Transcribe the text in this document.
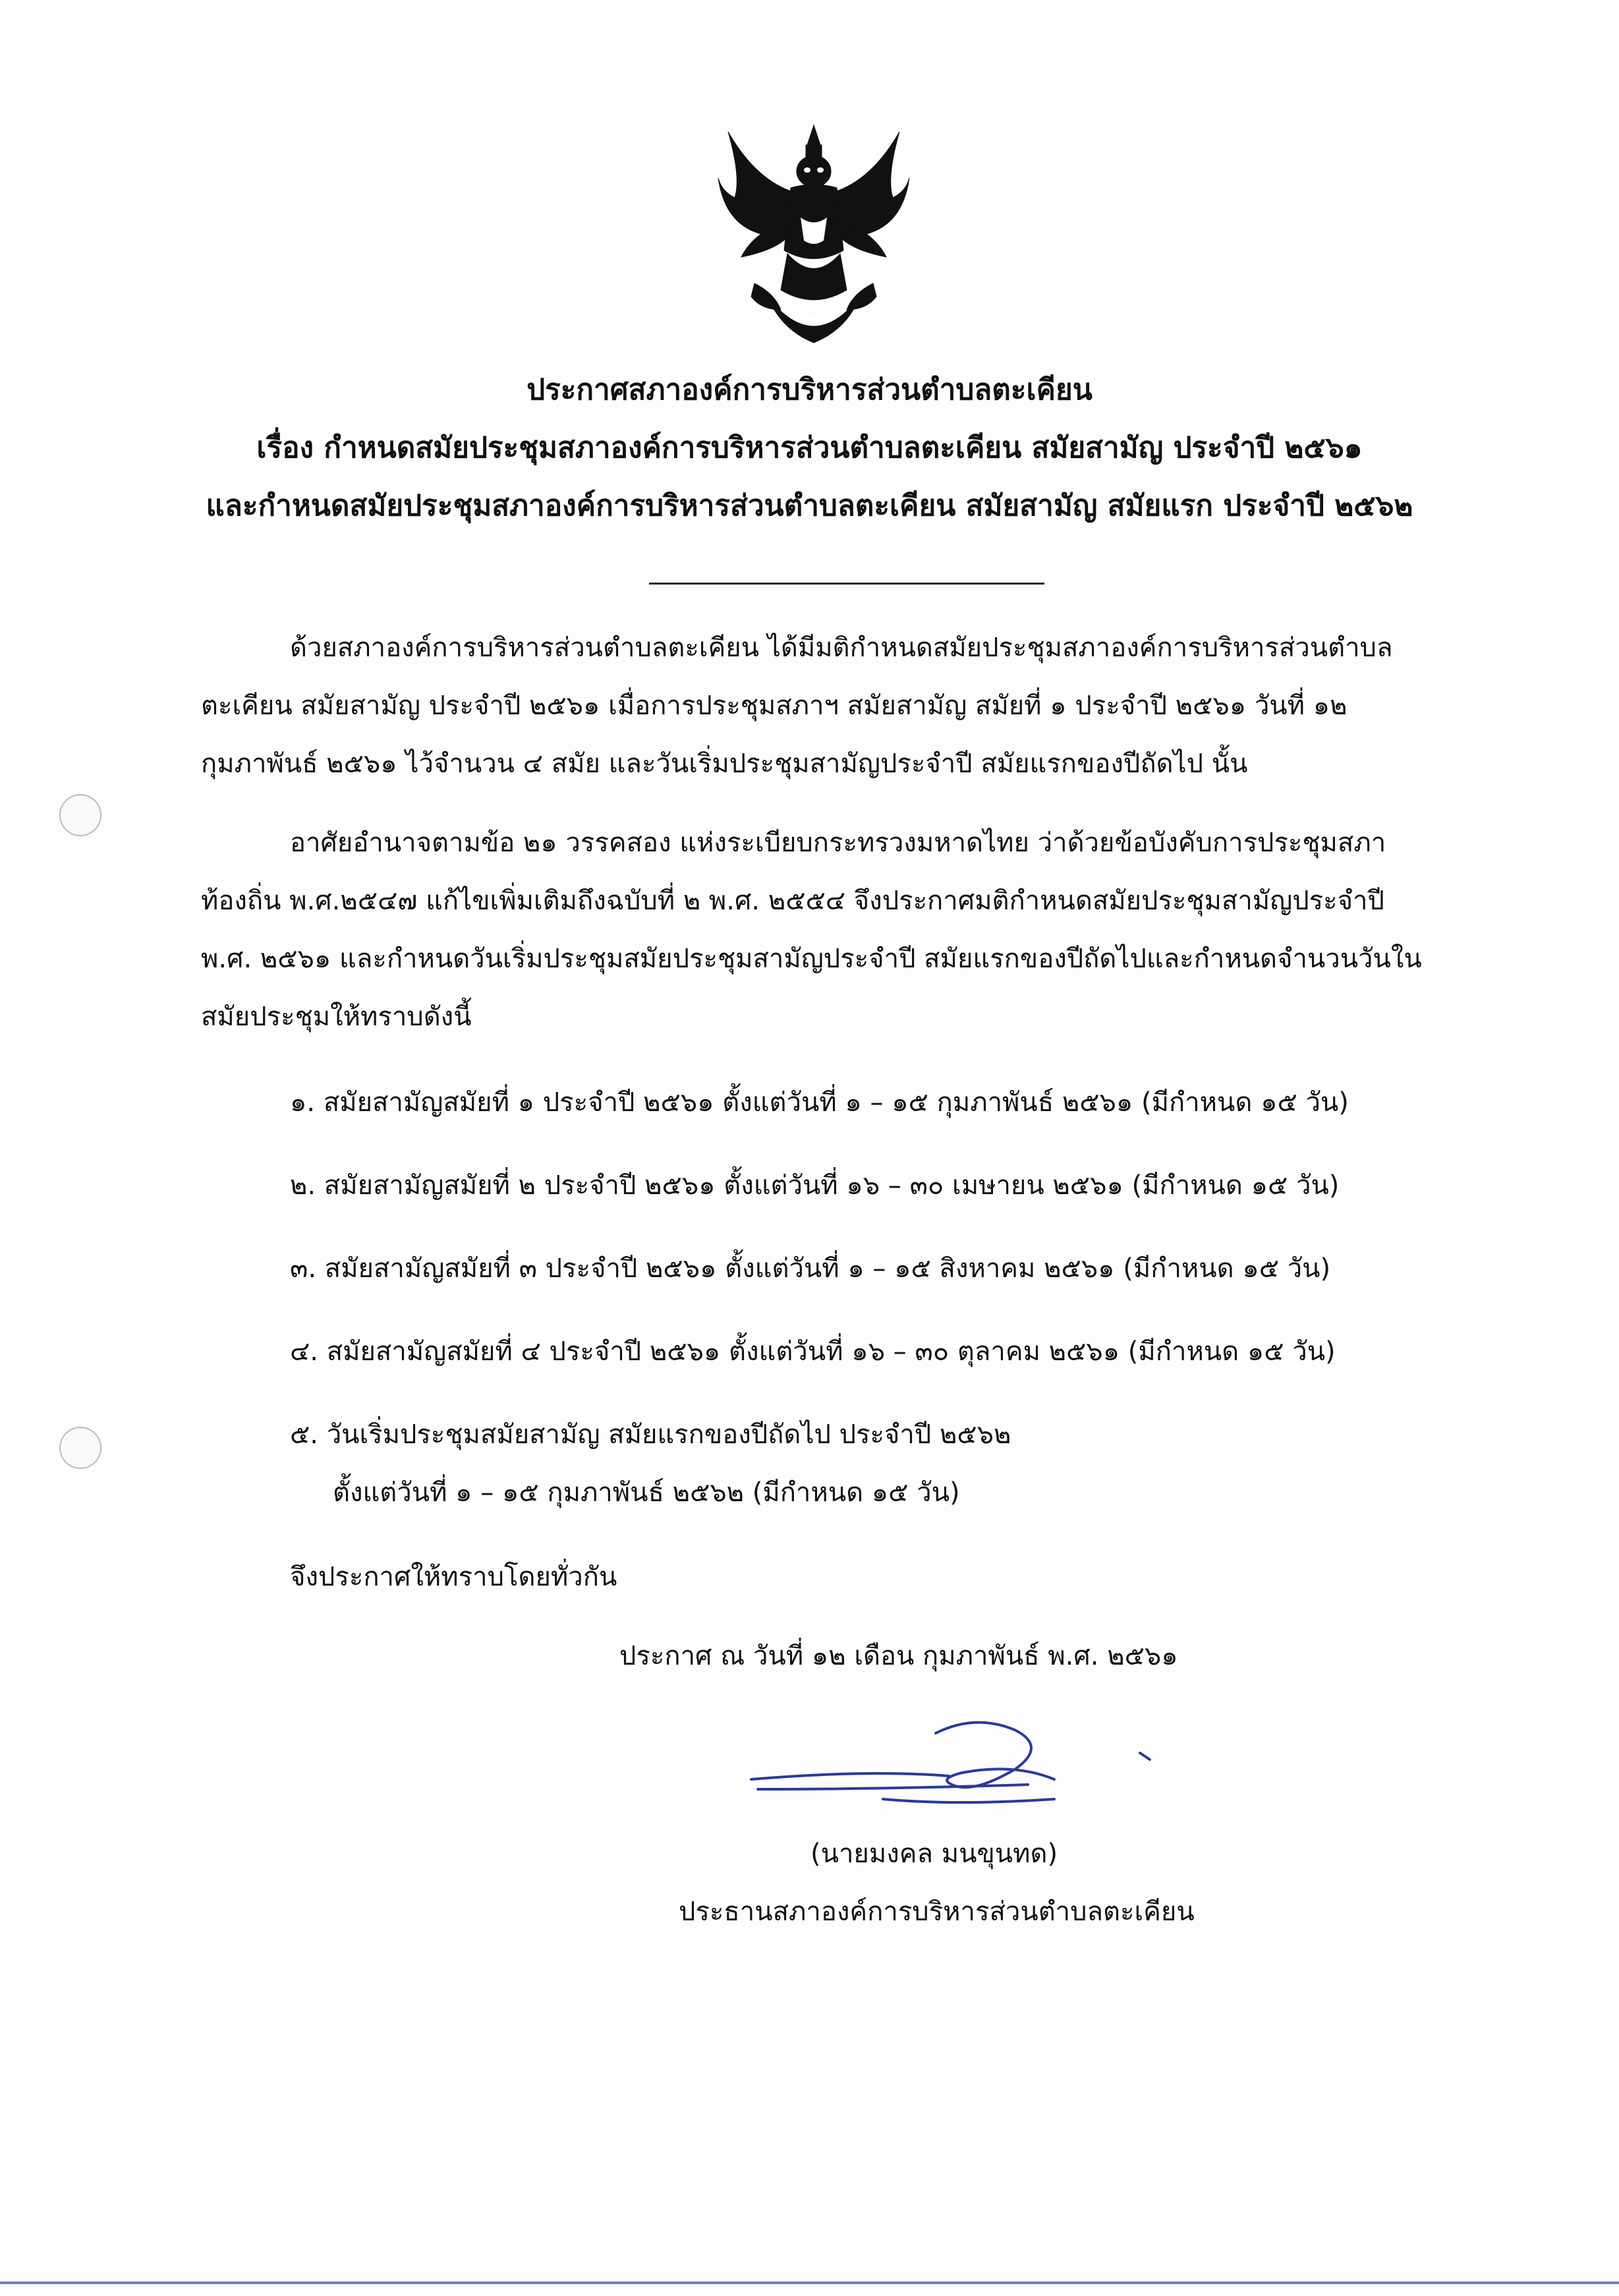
ประกาศสภาองค์การบริหารส่วนตำบลตะเคียน
เรื่อง กำหนดสมัยประชุมสภาองค์การบริหารส่วนตำบลตะเคียน สมัยสามัญ ประจำปี ๒๕๖๑
และกำหนดสมัยประชุมสภาองค์การบริหารส่วนตำบลตะเคียน สมัยสามัญ สมัยแรก ประจำปี ๒๕๖๒
ด้วยสภาองค์การบริหารส่วนตำบลตะเคียน ได้มีมติกำหนดสมัยประชุมสภาองค์การบริหารส่วนตำบล
ตะเคียน สมัยสามัญ ประจำปี ๒๕๖๑ เมื่อการประชุมสภาฯ สมัยสามัญ สมัยที่ ๑ ประจำปี ๒๕๖๑ วันที่ ๑๒
กุมภาพันธ์ ๒๕๖๑ ไว้จำนวน ๔ สมัย และวันเริ่มประชุมสามัญประจำปี สมัยแรกของปีถัดไป นั้น
อาศัยอำนาจตามข้อ ๒๑ วรรคสอง แห่งระเบียบกระทรวงมหาดไทย ว่าด้วยข้อบังคับการประชุมสภา
ท้องถิ่น พ.ศ.๒๕๔๗ แก้ไขเพิ่มเติมถึงฉบับที่ ๒ พ.ศ. ๒๕๕๔ จึงประกาศมติกำหนดสมัยประชุมสามัญประจำปี
พ.ศ. ๒๕๖๑ และกำหนดวันเริ่มประชุมสมัยประชุมสามัญประจำปี สมัยแรกของปีถัดไปและกำหนดจำนวนวันใน
สมัยประชุมให้ทราบดังนี้
๑. สมัยสามัญสมัยที่ ๑ ประจำปี ๒๕๖๑ ตั้งแต่วันที่ ๑ – ๑๕ กุมภาพันธ์ ๒๕๖๑ (มีกำหนด ๑๕ วัน)
๒. สมัยสามัญสมัยที่ ๒ ประจำปี ๒๕๖๑ ตั้งแต่วันที่ ๑๖ – ๓๐ เมษายน ๒๕๖๑ (มีกำหนด ๑๕ วัน)
๓. สมัยสามัญสมัยที่ ๓ ประจำปี ๒๕๖๑ ตั้งแต่วันที่ ๑ – ๑๕ สิงหาคม ๒๕๖๑ (มีกำหนด ๑๕ วัน)
๔. สมัยสามัญสมัยที่ ๔ ประจำปี ๒๕๖๑ ตั้งแต่วันที่ ๑๖ – ๓๐ ตุลาคม ๒๕๖๑ (มีกำหนด ๑๕ วัน)
๕. วันเริ่มประชุมสมัยสามัญ สมัยแรกของปีถัดไป ประจำปี ๒๕๖๒
ตั้งแต่วันที่ ๑ – ๑๕ กุมภาพันธ์ ๒๕๖๒ (มีกำหนด ๑๕ วัน)
จึงประกาศให้ทราบโดยทั่วกัน
ประกาศ ณ วันที่ ๑๒ เดือน กุมภาพันธ์ พ.ศ. ๒๕๖๑
(นายมงคล มนขุนทด)
ประธานสภาองค์การบริหารส่วนตำบลตะเคียน
